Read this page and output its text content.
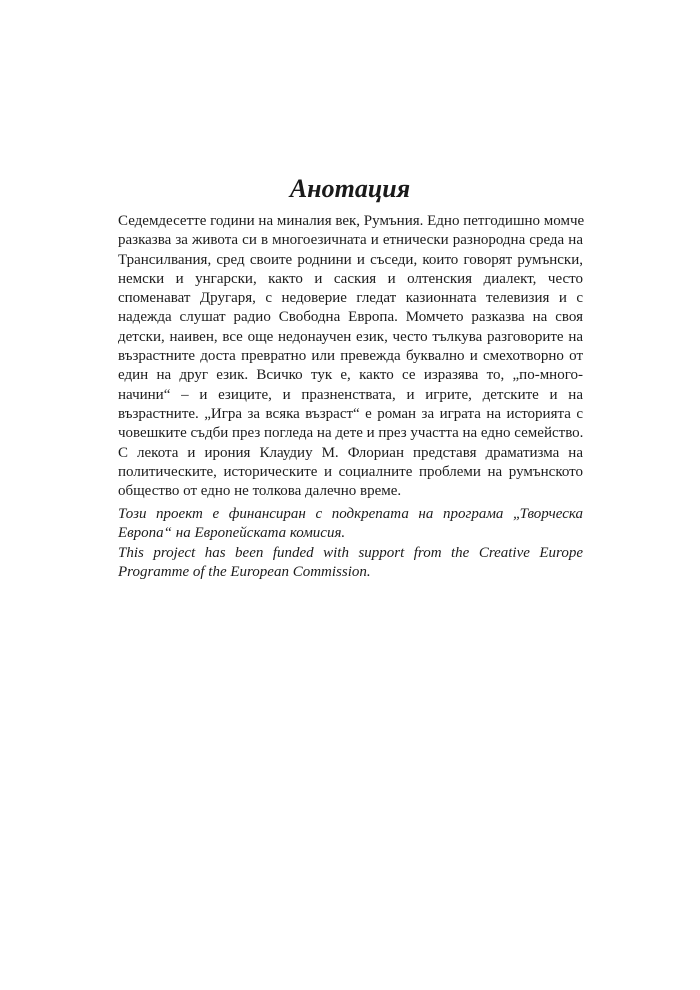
Анотация
Седемдесетте години на миналия век, Румъния. Едно петгодишно момче
разказва за живота си в многоезичната и етнически разнородна среда на
Трансилвания, сред своите роднини и съседи, които говорят румънски,
немски и унгарски, както и саския и олтенския диалект, често
споменават Другаря, с недоверие гледат казионната телевизия и с
надежда слушат радио Свободна Европа. Момчето разказва на своя
детски, наивен, все още недонаучен език, често тълкува разговорите на
възрастните доста превратно или превежда буквално и смехотворно от
един на друг език. Всичко тук е, както се изразява то, „по-много-
начини“ – и езиците, и празненствата, и игрите, детските и на
възрастните. „Игра за всяка възраст“ е роман за играта на историята с
човешките съдби през погледа на дете и през участта на едно семейство.
С лекота и ирония Клаудиу М. Флориан представя драматизма на
политическите, историческите и социалните проблеми на румънското
общество от едно не толкова далечно време.
Този проект е финансиран с подкрепата на програма „Творческа
Европа“ на Европейската комисия.
This project has been funded with support from the Creative Europe
Programme of the European Commission.
